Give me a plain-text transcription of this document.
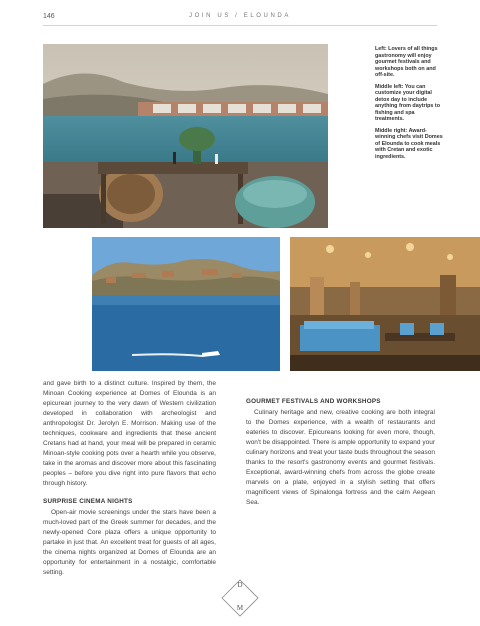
146	JOIN US / ELOUNDA
Left: Lovers of all things gastronomy will enjoy gourmet festivals and workshops both on and off-site.
Middle left: You can customize your digital detox day to include anything from daytrips to fishing and spa treatments.
Middle right: Award-winning chefs visit Domes of Elounda to cook meals with Cretan and exotic ingredients.

and gave birth to a distinct culture. Inspired by them, the Minoan Cooking experience at Domes of Elounda is an epicurean journey to the very dawn of Western civilization developed in collaboration with archeologist and anthropologist Dr. Jerolyn E. Morrison. Making use of the techniques, cookware and ingredients that these ancient Cretans had at hand, your meal will be prepared in ceramic Minoan-style cooking pots over a hearth while you observe, take in the aromas and discover more about this fascinating peoples – before you dive right into pure flavors that echo through history.

SURPRISE CINEMA NIGHTS

Open-air movie screenings under the stars have been a much-loved part of the Greek summer for decades, and the newly-opened Core plaza offers a unique opportunity to partake in just that. An excellent treat for guests of all ages, the cinema nights organized at Domes of Elounda are an opportunity for entertainment in a nostalgic, comfortable setting.

GOURMET FESTIVALS AND WORKSHOPS

Culinary heritage and new, creative cooking are both integral to the Domes experience, with a wealth of restaurants and eateries to discover. Epicureans looking for even more, though, won't be disappointed. There is ample opportunity to expand your culinary horizons and treat your taste buds throughout the season thanks to the resort's gastronomy events and gourmet festivals. Exceptional, award-winning chefs from across the globe create marvels on a plate, enjoyed in a stylish setting that offers magnificent views of Spinalonga fortress and the calm Aegean Sea.

D
M
